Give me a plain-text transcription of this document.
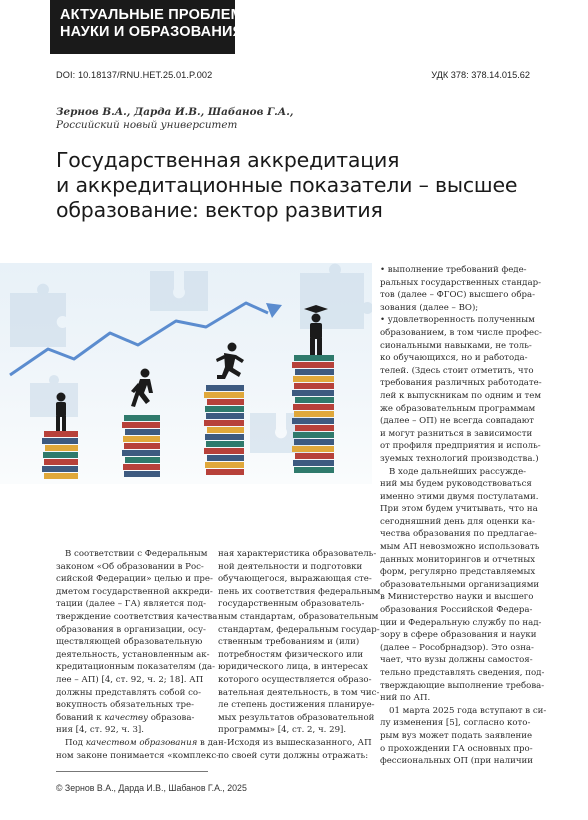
АКТУАЛЬНЫЕ ПРОБЛЕМЫ
НАУКИ И ОБРАЗОВАНИЯ
DOI: 10.18137/RNU.HET.25.01.P.002	УДК 378: 378.14.015.62
Зернов В.А., Дарда И.В., Шабанов Г.А.,
Российский новый университет
Государственная аккредитация
и аккредитационные показатели – высшее
образование: вектор развития
В соответствии с Федеральным
законом «Об образовании в Рос-
сийской Федерации» целью и пре-
дметом государственной аккреди-
тации (далее – ГА) является под-
тверждение соответствия качества
образования в организации, осу-
ществляющей образовательную
деятельность, установленным ак-
кредитационным показателям (да-
лее – АП) [4, ст. 92, ч. 2; 18]. АП
должны представлять собой со-
вокупность обязательных тре-
бований к качеству образова-
ния [4, ст. 92, ч. 3].
Под качеством образования в дан-
ном законе понимается «комплекс-
ная характеристика образователь-
ной деятельности и подготовки
обучающегося, выражающая сте-
пень их соответствия федеральным
государственным образователь-
ным стандартам, образовательным
стандартам, федеральным государ-
ственным требованиям и (или)
потребностям физического или
юридического лица, в интересах
которого осуществляется образо-
вательная деятельность, в том чис-
ле степень достижения планируе-
мых результатов образовательной
программы» [4, ст. 2, ч. 29].
Исходя из вышесказанного, АП
по своей сути должны отражать:
• выполнение требований феде-
ральных государственных стандар-
тов (далее – ФГОС) высшего обра-
зования (далее – ВО);
• удовлетворенность полученным
образованием, в том числе профес-
сиональными навыками, не толь-
ко обучающихся, но и работода-
телей. (Здесь стоит отметить, что
требования различных работодате-
лей к выпускникам по одним и тем
же образовательным программам
(далее – ОП) не всегда совпадают
и могут разниться в зависимости
от профиля предприятия и исполь-
зуемых технологий производства.)
В ходе дальнейших рассужде-
ний мы будем руководствоваться
именно этими двумя постулатами.
При этом будем учитывать, что на
сегодняшний день для оценки ка-
чества образования по предлагае-
мым АП невозможно использовать
данных мониторингов и отчетных
форм, регулярно представляемых
образовательными организациями
в Министерство науки и высшего
образования Российской Федера-
ции и Федеральную службу по над-
зору в сфере образования и науки
(далее – Рособрнадзор). Это озна-
чает, что вузы должны самостоя-
тельно представлять сведения, под-
тверждающие выполнение требова-
ний по АП.
01 марта 2025 года вступают в си-
лу изменения [5], согласно кото-
рым вуз может подать заявление
о прохождении ГА основных про-
фессиональных ОП (при наличии
© Зернов В.А., Дарда И.В., Шабанов Г.А., 2025
